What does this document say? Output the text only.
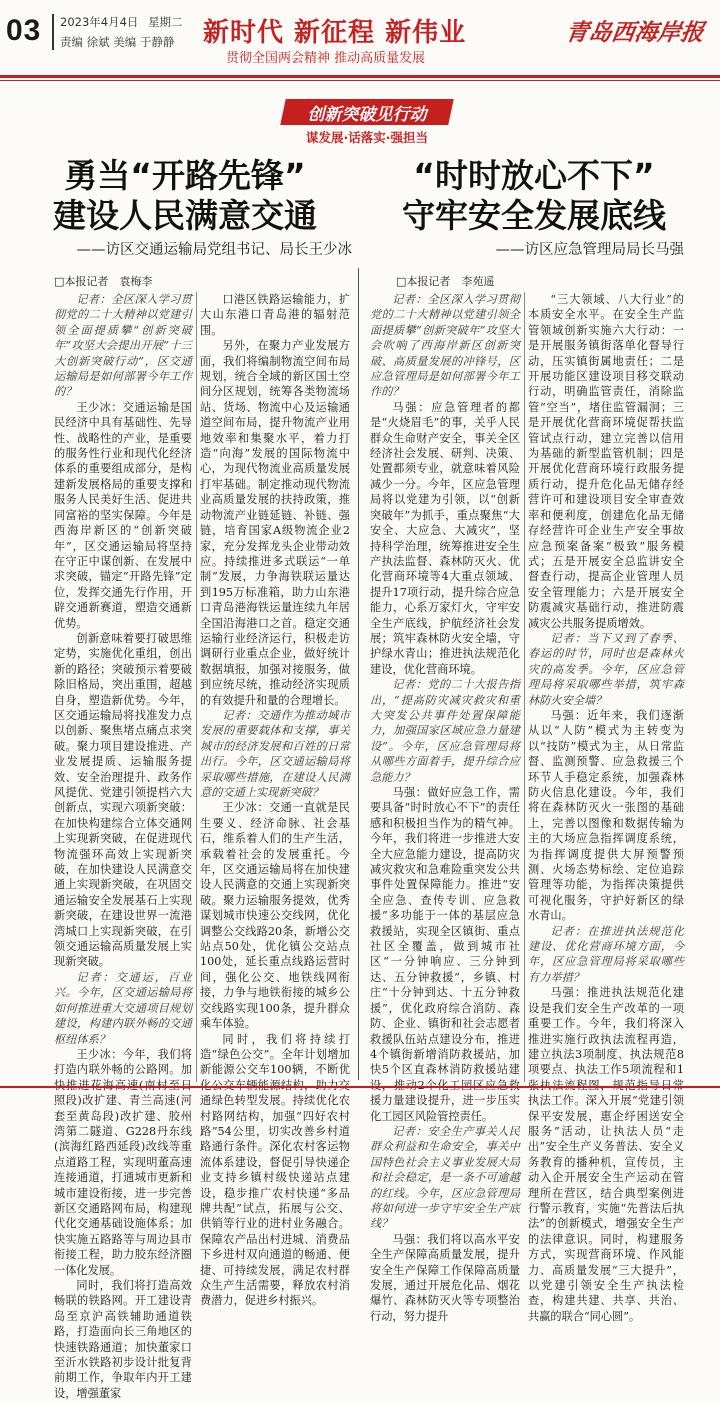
03 2023年4月4日 星期二
责编 徐斌 美编 于静静 新时代 新征程 新伟业
贯彻全国两会精神 推动高质量发展
青岛西海岸报
创新突破见行动
谋发展·话落实·强担当
勇当“开路先锋”
建设人民满意交通
——访区交通运输局党组书记、局长王少冰
□本报记者　袁梅李
“时时放心不下”
守牢安全发展底线
——访区应急管理局局长马强
□本报记者　李苑遥

记者：全区深入学习贯彻党的二十大精神以党建引领全面提质攀“创新突破年”攻坚大会提出开展“十三大创新突破行动”，区交通运输局是如何部署今年工作的？

王少冰：交通运输是国民经济中具有基础性、先导性、战略性的产业，是重要的服务性行业和现代化经济体系的重要组成部分，是构建新发展格局的重要支撑和服务人民美好生活、促进共同富裕的坚实保障。今年是西海岸新区的“创新突破年”，区交通运输局将坚持在守正中谋创新、在发展中求突破，锚定“开路先锋”定位，发挥交通先行作用，开辟交通新赛道，塑造交通新优势。

创新意味着要打破思维定势，实施优化重组，创出新的路径；突破预示着要破除旧格局，突出重围，超越自身，塑造新优势。今年，区交通运输局将找准发力点以创新、聚焦堵点痛点求突破。聚力项目建设推进、产业发展提质、运输服务提效、安全治理提升、政务作风提优、党建引领提档六大创新点，实现六项新突破：在加快构建综合立体交通网上实现新突破，在促进现代物流强环高效上实现新突破，在加快建设人民满意交通上实现新突破，在巩固交通运输安全发展基石上实现新突破，在建设世界一流港湾城口上实现新突破，在引领交通运输高质量发展上实现新突破。

记者：交通运，百业兴。今年，区交通运输局将如何推进重大交通项目规划建设，构建内联外畅的交通枢纽体系？

王少冰：今年，我们将打造内联外畅的公路网。加 照段)改扩建、青兰高速(河套至黄岛段)改扩建、胶州湾第二隧道、G228丹东线(滨海红路西延段)改线等重点道路工程，实现明董高速连接通道，打通城市更新和城市建设衔接，进一步完善新区交通路网布局，构建现代化交通基础设施体系；加快实施五路路等与周边县市衔接工程，助力胶东经济圈一体化发展。

同时，我们将打造高效畅联的铁路网。开工建设青岛至京沪高铁辅助通道铁路，打造面向长三角地区的快速铁路通道；加快董家口至沂水铁路初步设计批复背前期工作，争取年内开工建设，增强董家

口港区铁路运输能力，扩大山东港口青岛港的辐射范围。

另外，在聚力产业发展方面，我们将编制物流空间布局规划，统合全域的新区国土空间分区规划，统筹各类物流场站、货场、物流中心及运输通道空间布局，提升物流产业用地效率和集聚水平，着力打造“向海”发展的国际物流中心，为现代物流业高质量发展打牢基础。制定推动现代物流业高质量发展的扶持政策，推动物流产业链延链、补链、强链，培育国家A级物流企业2家，充分发挥龙头企业带动效应。持续推进多式联运“一单制”发展，力争海铁联运量达到195万标准箱，助力山东港口青岛港海铁运量连续九年居全国沿海港口之首。稳定交通运输行业经济运行，积极走访调研行业重点企业，做好统计数据填报，加强对接服务，做到应统尽统，推动经济实现质的有效提升和量的合理增长。

记者：交通作为推动城市发展的重要载体和支撑，事关城市的经济发展和百姓的日常出行。今年，区交通运输局将采取哪些措施，在建设人民满意的交通上实现新突破？

王少冰：交通一直就是民生要义、经济命脉、社会基石，维系着人们的生产生活，承载着社会的发展重托。今年，区交通运输局将在加快建设人民满意的交通上实现新突破。聚力运输服务提效，优秀谋划城市快速公交线网，优化调整公交线路20条，新增公交站点50处，优化镇公交站点100处，延长重点线路运营时间，强化公交、地铁线网衔接，力争与地铁衔接的城乡公交线路实现100条，提升群众乘车体验。

同时，我们将持续打造“绿色公交”。全年计划增加新能源公交车100辆，不断优 通绿色转型发展。持续优化农村路网结构，加强“四好农村路”54公里，切实改善乡村道路通行条件。深化农村客运物流体系建设，督促引导快递企业支持乡镇村级快递站点建设，稳步推广农村快递“多品牌共配”试点，拓展与公交、供销等行业的进村业务融合。保障农产品出村进城、消费品下乡进村双向通道的畅通、便捷、可持续发展，满足农村群众生产生活需要，释放农村消费潜力，促进乡村振兴。

记者：全区深入学习贯彻党的二十大精神以党建引领全面提质攀“创新突破年”攻坚大会吹响了西海岸新区创新突破、高质量发展的冲锋号，区应急管理局是如何部署今年工作的？

马强：应急管理者的都是“火烧眉毛”的事，关乎人民群众生命财产安全，事关全区经济社会发展、研判、决策、处置都须专业，就意味着风险减少一分。今年，区应急管理局将以党建为引领，以“创新突破年”为抓手，重点聚焦“大安全、大应急、大减灾”，坚持科学治理，统筹推进安全生产执法监督、森林防灭火、优化营商环境等4大重点领域、提升17项行动，提升综合应急能力，心系万家灯火，守牢安全生产底线，护航经济社会发展；筑牢森林防火安全墙，守护绿水青山；推进执法规范化建设，优化营商环境。

记者：党的二十大报告指出，“提高防灾减灾救灾和重大突发公共事件处置保障能力，加强国家区域应急力量建设”。今年，区应急管理局将从哪些方面着手，提升综合应急能力？

马强：做好应急工作，需要具备“时时放心不下”的责任感和积极担当作为的精气神。今年，我们将进一步推进大安全大应急能力建设，提高防灾减灾救灾和急难险重突发公共事件处置保障能力。推进“安全应急、查传专训、应急救援”多功能于一体的基层应急救援站，实现全区镇街、重点社区全覆盖，做到城市社区“一分钟响应、三分钟到达、五分钟救援”，乡镇、村庄“十分钟到达、十五分钟救援”，优化政府综合消防、森防、企业、镇街和社会志愿者救援队伍站点建设分布，推进4个镇街新增消防救援站，加快5个区直森林消防救援站建 援力量建设提升，进一步压实化工园区风险管控责任。

记者：安全生产事关人民群众利益和生命安全，事关中国特色社会主义事业发展大局和社会稳定，是一条不可逾越的红线。今年，区应急管理局将如何进一步守牢安全生产底线？

马强：我们将以高水平安全生产保障高质量发展，提升安全生产保障工作保障高质量发展，通过开展危化品、烟花爆竹、森林防灭火等专项整治行动，努力提升

“三大领域、八大行业”的本质安全水平。在安全生产监管领域创新实施六大行动：一是开展服务镇街落单化督导行动，压实镇街属地责任；二是开展功能区建设项目移交联动行动，明确监管责任，消除监管“空当”，堵住监管漏洞；三是开展优化营商环境促帮扶监管试点行动，建立完善以信用为基础的新型监管机制；四是开展优化营商环境行政服务提质行动，提升危化品无储存经营许可和建设项目安全审查效率和便利度，创建危化品无储存经营许可企业生产安全事故应急预案备案“极致”服务模式；五是开展安全总监讲安全督查行动，提高企业管理人员安全管理能力；六是开展安全防震减灾基础行动，推进防震减灾公共服务提质增效。

记者：当下又到了春季、春运的时节，同时也是森林火灾的高发季。今年，区应急管理局将采取哪些举措，筑牢森林防火安全墙？

马强：近年来，我们逐渐从以“人防”模式为主转变为以“技防”模式为主，从日常监督、监测预警、应急救援三个环节人手稳定系统，加强森林防火信息化建设。今年，我们将在森林防灭火一张图的基础上，完善以图像和数据传输为主的大场应急指挥调度系统，为指挥调度提供大屏预警预测、火场态势标绘、定位追踪管理等功能，为指挥决策提供可视化服务，守护好新区的绿水青山。

记者：在推进执法规范化建设、优化营商环境方面，今年，区应急管理局将采取哪些有力举措？

马强：推进执法规范化建设是我们安全生产改革的一项重要工作。今年，我们将深入推进实施行政执法流程再造，建立执法3项制度、执法规范8项要点、执法工作5项流程和1 执法工作。深入开展“党建引领保平安发展，惠企纾困送安全服务”活动，让执法人员“走出”安全生产义务普法、安全义务教育的播种机，宣传员，主动入企开展安全生产运动在管理所在营区，结合典型案例进行警示教育，实施“先普法后执法”的创新模式，增强安全生产的法律意识。同时，构建服务方式，实现营商环境、作风能力、高质量发展“三大提升”，以党建引领安全生产执法检查，构建共建、共享、共治、共赢的联合“同心圆”。
